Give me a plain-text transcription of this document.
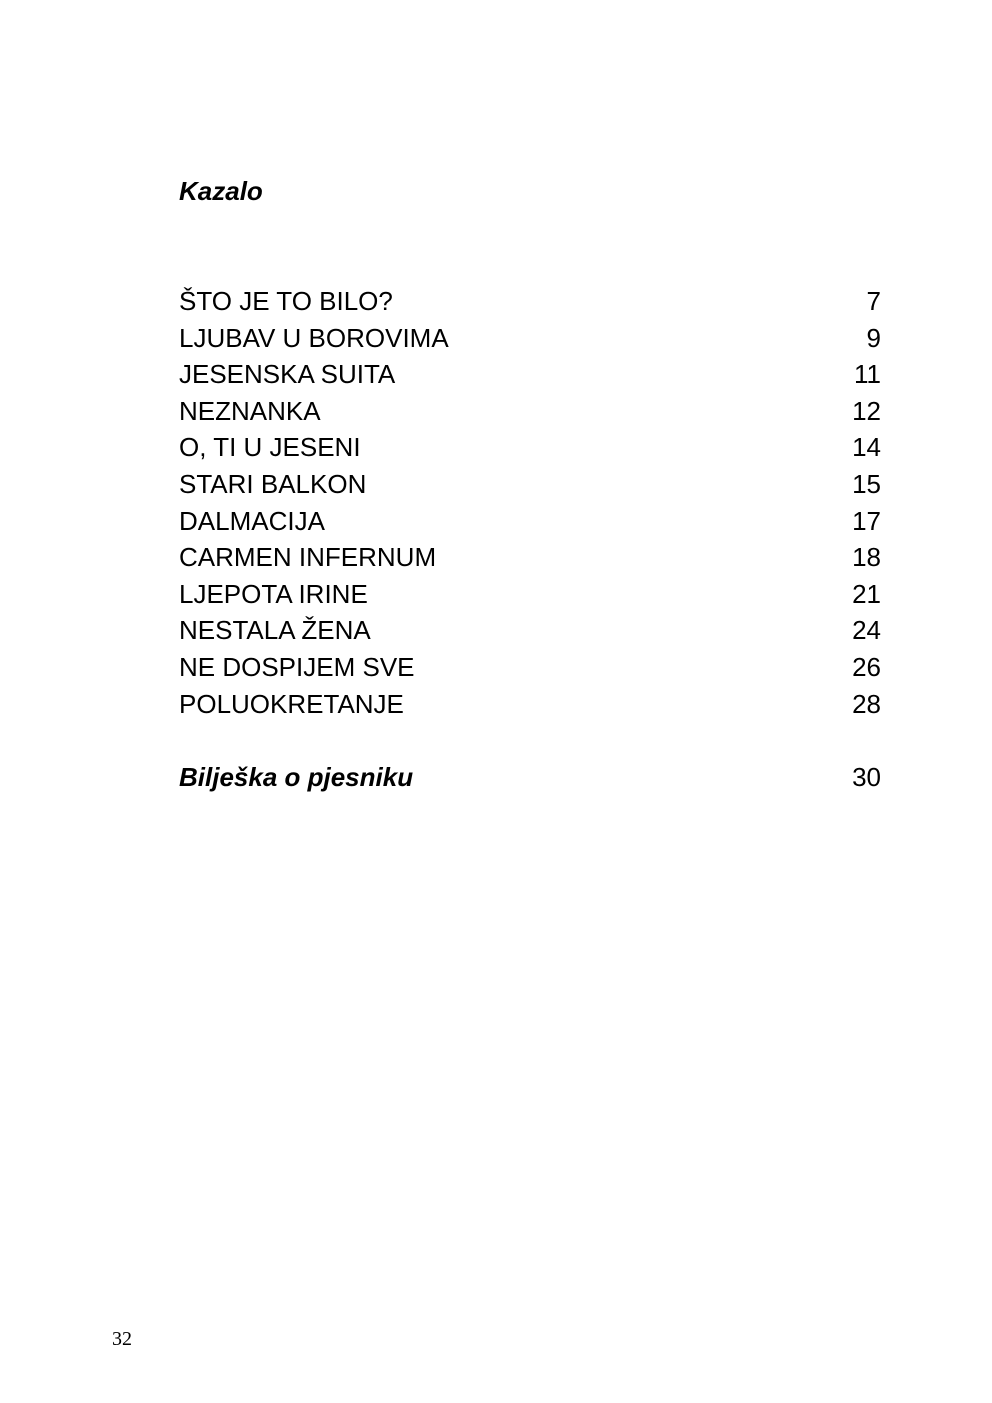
Kazalo
ŠTO JE TO BILO?	7
LJUBAV U BOROVIMA	9
JESENSKA SUITA	11
NEZNANKA	12
O, TI U JESENI	14
STARI BALKON	15
DALMACIJA	17
CARMEN INFERNUM	18
LJEPOTA IRINE	21
NESTALA ŽENA	24
NE DOSPIJEM SVE	26
POLUOKRETANJE	28
Bilješka o pjesniku	30
32
